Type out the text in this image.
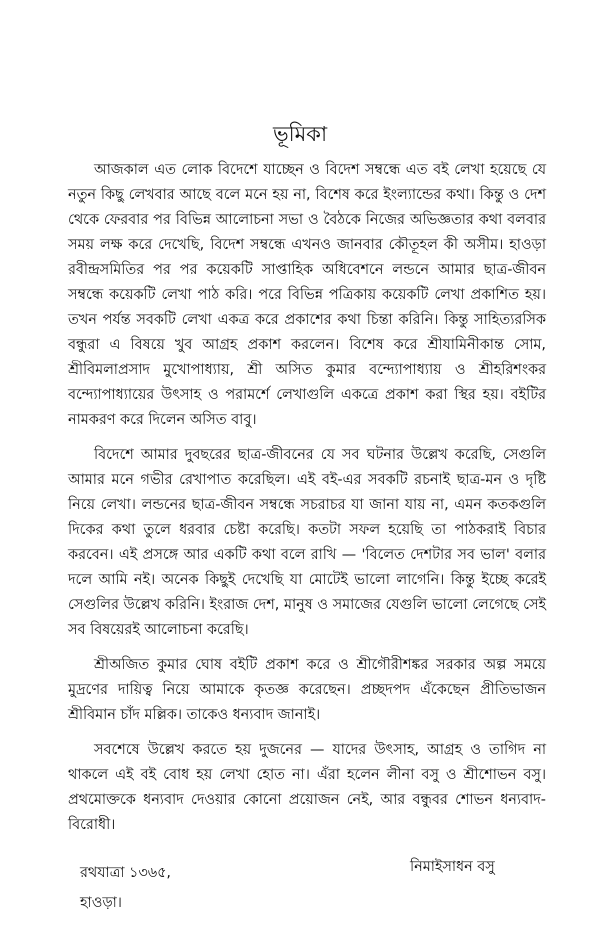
ভূমিকা

আজকাল এত লোক বিদেশে যাচ্ছেন ও বিদেশ সম্বন্ধে এত বই লেখা হয়েছে যে নতুন কিছু লেখবার আছে বলে মনে হয় না, বিশেষ করে ইংল্যান্ডের কথা। কিন্তু ও দেশ থেকে ফেরবার পর বিভিন্ন আলোচনা সভা ও বৈঠকে নিজের অভিজ্ঞতার কথা বলবার সময় লক্ষ করে দেখেছি, বিদেশ সম্বন্ধে এখনও জানবার কৌতূহল কী অসীম। হাওড়া রবীন্দ্রসমিতির পর পর কয়েকটি সাপ্তাহিক অধিবেশনে লন্ডনে আমার ছাত্র-জীবন সম্বন্ধে কয়েকটি লেখা পাঠ করি। পরে বিভিন্ন পত্রিকায় কয়েকটি লেখা প্রকাশিত হয়। তখন পর্যন্ত সবকটি লেখা একত্র করে প্রকাশের কথা চিন্তা করিনি। কিন্তু সাহিত্যরসিক বন্ধুরা এ বিষয়ে খুব আগ্রহ প্রকাশ করলেন। বিশেষ করে শ্রীযামিনীকান্ত সোম, শ্রীবিমলাপ্রসাদ মুখোপাধ্যায়, শ্রী অসিত কুমার বন্দ্যোপাধ্যায় ও শ্রীহরিশংকর বন্দ্যোপাধ্যায়ের উৎসাহ ও পরামর্শে লেখাগুলি একত্রে প্রকাশ করা স্থির হয়। বইটির নামকরণ করে দিলেন অসিত বাবু।

বিদেশে আমার দুবছরের ছাত্র-জীবনের যে সব ঘটনার উল্লেখ করেছি, সেগুলি আমার মনে গভীর রেখাপাত করেছিল। এই বই-এর সবকটি রচনাই ছাত্র-মন ও দৃষ্টি নিয়ে লেখা। লন্ডনের ছাত্র-জীবন সম্বন্ধে সচরাচর যা জানা যায় না, এমন কতকগুলি দিকের কথা তুলে ধরবার চেষ্টা করেছি। কতটা সফল হয়েছি তা পাঠকরাই বিচার করবেন। এই প্রসঙ্গে আর একটি কথা বলে রাখি — 'বিলেত দেশটার সব ভাল' বলার দলে আমি নই। অনেক কিছুই দেখেছি যা মোটেই ভালো লাগেনি। কিন্তু ইচ্ছে করেই সেগুলির উল্লেখ করিনি। ইংরাজ দেশ, মানুষ ও সমাজের যেগুলি ভালো লেগেছে সেই সব বিষয়েরই আলোচনা করেছি।

শ্রীঅজিত কুমার ঘোষ বইটি প্রকাশ করে ও শ্রীগৌরীশঙ্কর সরকার অল্প সময়ে মুদ্রণের দায়িত্ব নিয়ে আমাকে কৃতজ্ঞ করেছেন। প্রচ্ছদপদ এঁকেছেন প্রীতিভাজন শ্রীবিমান চাঁদ মল্লিক। তাকেও ধন্যবাদ জানাই।

সবশেষে উল্লেখ করতে হয় দুজনের — যাদের উৎসাহ, আগ্রহ ও তাগিদ না থাকলে এই বই বোধ হয় লেখা হোত না। এঁরা হলেন লীনা বসু ও শ্রীশোভন বসু। প্রথমোক্তকে ধন্যবাদ দেওয়ার কোনো প্রয়োজন নেই, আর বন্ধুবর শোভন ধন্যবাদ-বিরোধী।

রথযাত্রা ১৩৬৫,
হাওড়া।
নিমাইসাধন বসু
